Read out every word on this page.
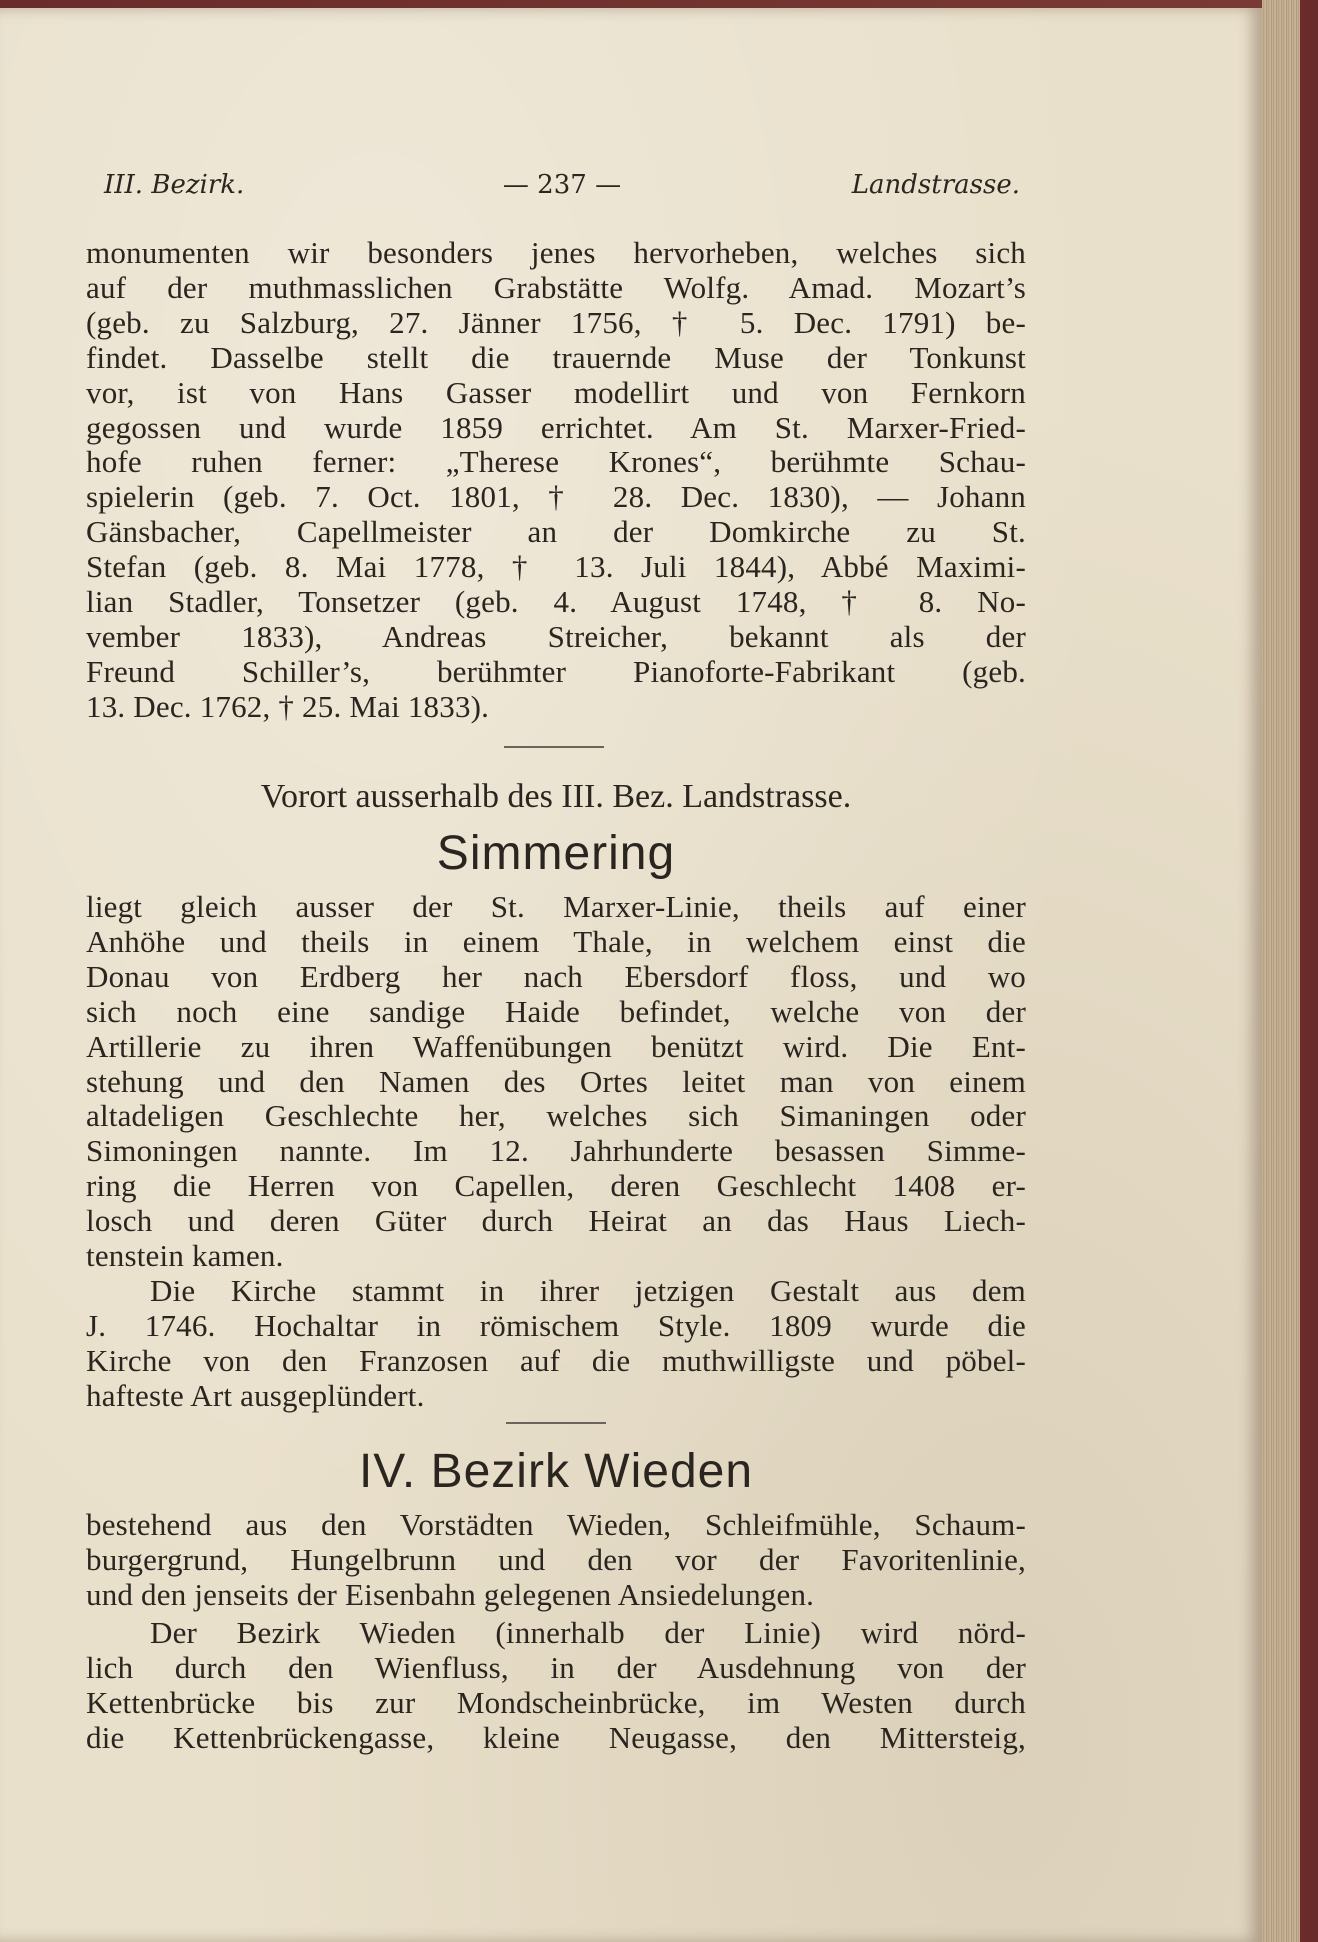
III. Bezirk.	— 237 —	Landstrasse.
monumenten wir besonders jenes hervorheben, welches sich
auf der muthmasslichen Grabstätte Wolfg. Amad. Mozart’s
(geb. zu Salzburg, 27. Jänner 1756, † 5. Dec. 1791) be-
findet. Dasselbe stellt die trauernde Muse der Tonkunst
vor, ist von Hans Gasser modellirt und von Fernkorn
gegossen und wurde 1859 errichtet. Am St. Marxer-Fried-
hofe ruhen ferner: „Therese Krones“, berühmte Schau-
spielerin (geb. 7. Oct. 1801, † 28. Dec. 1830), — Johann
Gänsbacher, Capellmeister an der Domkirche zu St.
Stefan (geb. 8. Mai 1778, † 13. Juli 1844), Abbé Maximi-
lian Stadler, Tonsetzer (geb. 4. August 1748, † 8. No-
vember 1833), Andreas Streicher, bekannt als der
Freund Schiller’s, berühmter Pianoforte-Fabrikant (geb.
13. Dec. 1762, † 25. Mai 1833).
Vorort ausserhalb des III. Bez. Landstrasse.
Simmering
liegt gleich ausser der St. Marxer-Linie, theils auf einer
Anhöhe und theils in einem Thale, in welchem einst die
Donau von Erdberg her nach Ebersdorf floss, und wo
sich noch eine sandige Haide befindet, welche von der
Artillerie zu ihren Waffenübungen benützt wird. Die Ent-
stehung und den Namen des Ortes leitet man von einem
altadeligen Geschlechte her, welches sich Simaningen oder
Simoningen nannte. Im 12. Jahrhunderte besassen Simme-
ring die Herren von Capellen, deren Geschlecht 1408 er-
losch und deren Güter durch Heirat an das Haus Liech-
tenstein kamen.
Die Kirche stammt in ihrer jetzigen Gestalt aus dem
J. 1746. Hochaltar in römischem Style. 1809 wurde die
Kirche von den Franzosen auf die muthwilligste und pöbel-
hafteste Art ausgeplündert.
IV. Bezirk Wieden
bestehend aus den Vorstädten Wieden, Schleifmühle, Schaum-
burgergrund, Hungelbrunn und den vor der Favoritenlinie,
und den jenseits der Eisenbahn gelegenen Ansiedelungen.
Der Bezirk Wieden (innerhalb der Linie) wird nörd-
lich durch den Wienfluss, in der Ausdehnung von der
Kettenbrücke bis zur Mondscheinbrücke, im Westen durch
die Kettenbrückengasse, kleine Neugasse, den Mittersteig,
